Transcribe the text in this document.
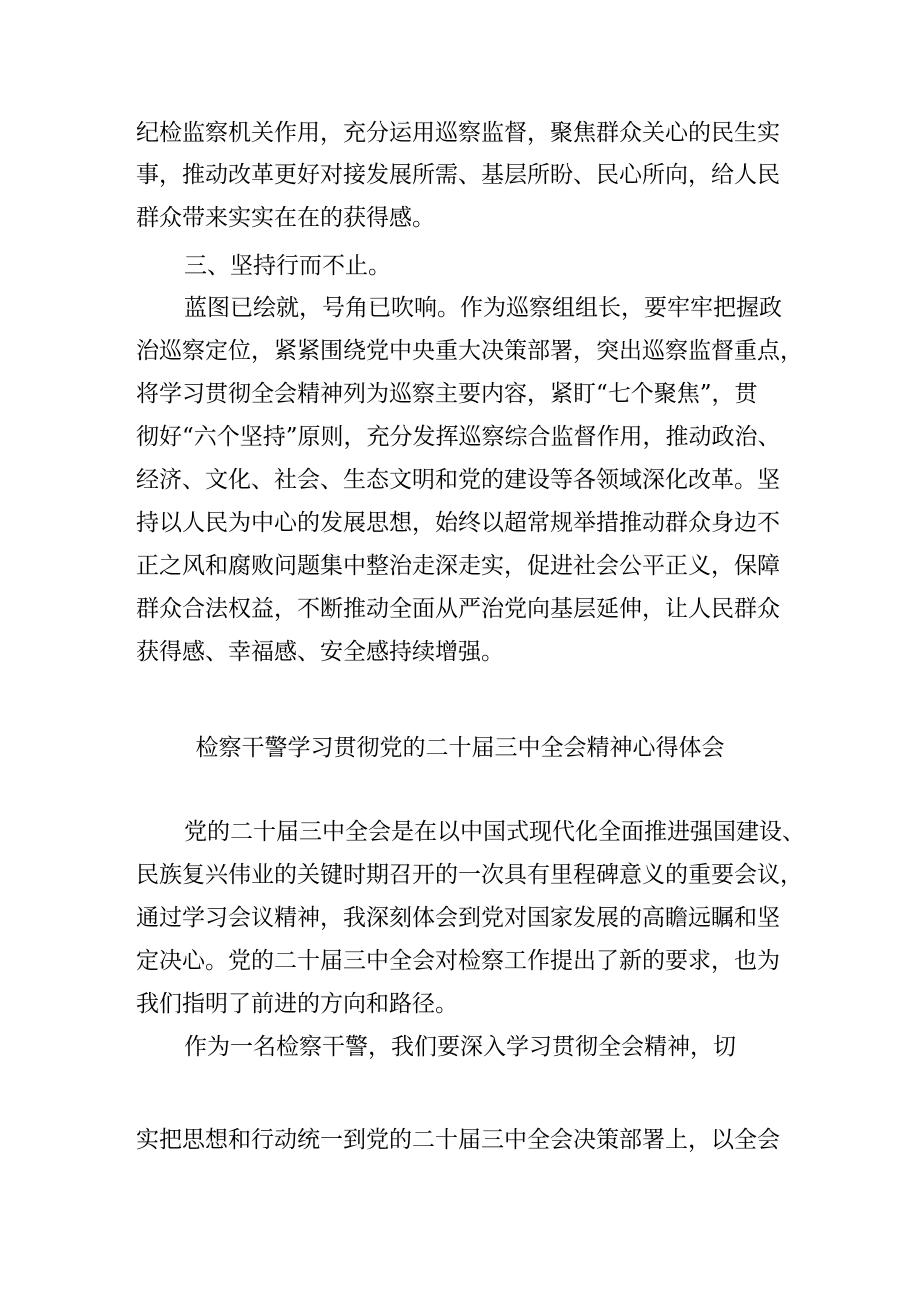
纪检监察机关作用，充分运用巡察监督，聚焦群众关心的民生实
事，推动改革更好对接发展所需、基层所盼、民心所向，给人民
群众带来实实在在的获得感。
三、坚持行而不止。
蓝图已绘就，号角已吹响。作为巡察组组长，要牢牢把握政
治巡察定位，紧紧围绕党中央重大决策部署，突出巡察监督重点，
将学习贯彻全会精神列为巡察主要内容，紧盯“七个聚焦”，贯
彻好“六个坚持”原则，充分发挥巡察综合监督作用，推动政治、
经济、文化、社会、生态文明和党的建设等各领域深化改革。坚
持以人民为中心的发展思想，始终以超常规举措推动群众身边不
正之风和腐败问题集中整治走深走实，促进社会公平正义，保障
群众合法权益，不断推动全面从严治党向基层延伸，让人民群众
获得感、幸福感、安全感持续增强。
检察干警学习贯彻党的二十届三中全会精神心得体会
党的二十届三中全会是在以中国式现代化全面推进强国建设、
民族复兴伟业的关键时期召开的一次具有里程碑意义的重要会议，
通过学习会议精神，我深刻体会到党对国家发展的高瞻远瞩和坚
定决心。党的二十届三中全会对检察工作提出了新的要求，也为
我们指明了前进的方向和路径。
作为一名检察干警，我们要深入学习贯彻全会精神，切
实把思想和行动统一到党的二十届三中全会决策部署上，以全会
